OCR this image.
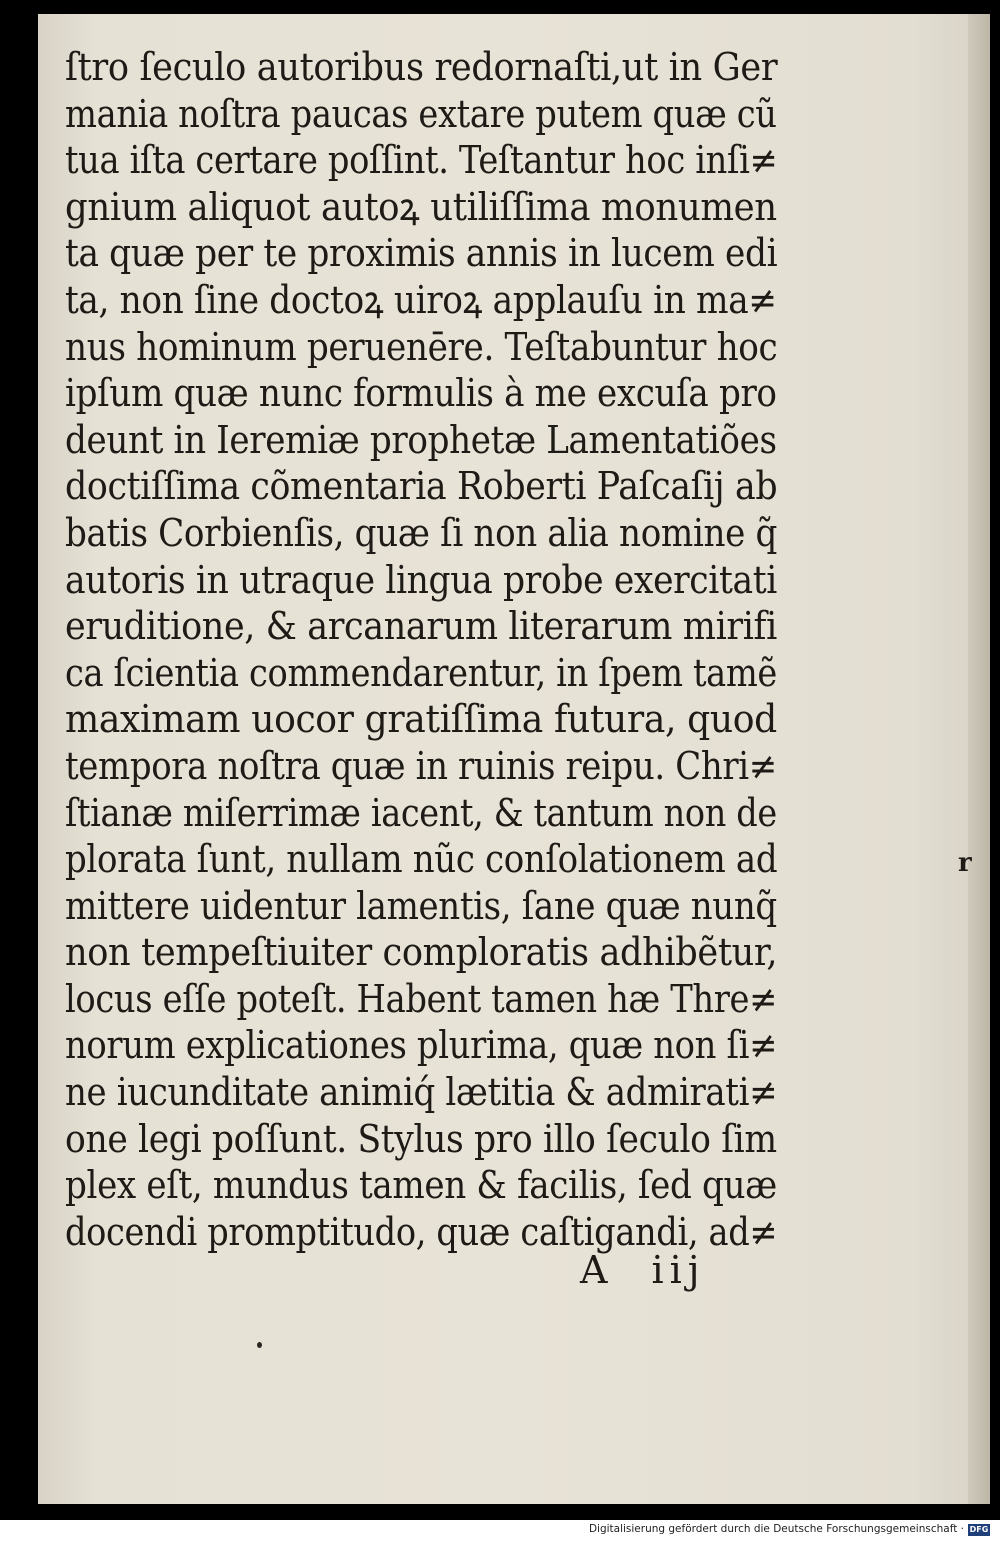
ſtro ſeculo autoribus redornaſti,ut in Ger
mania noſtra paucas extare putem quæ cũ
tua iſta certare poſſint. Teſtantur hoc inſi≠
gnium aliquot autoꝝ utiliſſima monumen
ta quæ per te proximis annis in lucem edi
ta, non ſine doctoꝝ uiroꝝ applauſu in ma≠
nus hominum peruenēre. Teſtabuntur hoc
ipſum quæ nunc formulis à me excuſa pro
deunt in Ieremiæ prophetæ Lamentatiões
doctiſſima cõmentaria Roberti Paſcaſij ab
batis Corbienſis, quæ ſi non alia nomine q̃
autoris in utraque lingua probe exercitati
eruditione, & arcanarum literarum mirifi
ca ſcientia commendarentur, in ſpem tamẽ
maximam uocor gratiſſima futura, quod
tempora noſtra quæ in ruinis reipu. Chri≠
ſtianæ miſerrimæ iacent, & tantum non de
plorata ſunt, nullam nũc conſolationem ad
mittere uidentur lamentis, ſane quæ nunq̃
non tempeſtiuiter comploratis adhibẽtur,
locus eſſe poteſt. Habent tamen hæ Thre≠
norum explicationes plurima, quæ non ſi≠
ne iucunditate animiq́ lætitia & admirati≠
one legi poſſunt. Stylus pro illo ſeculo ſim
plex eſt, mundus tamen & facilis, ſed quæ
docendi promptitudo, quæ caſtigandi, ad≠
A iij
r
Digitalisierung gefördert durch die Deutsche Forschungsgemeinschaft · DFG
